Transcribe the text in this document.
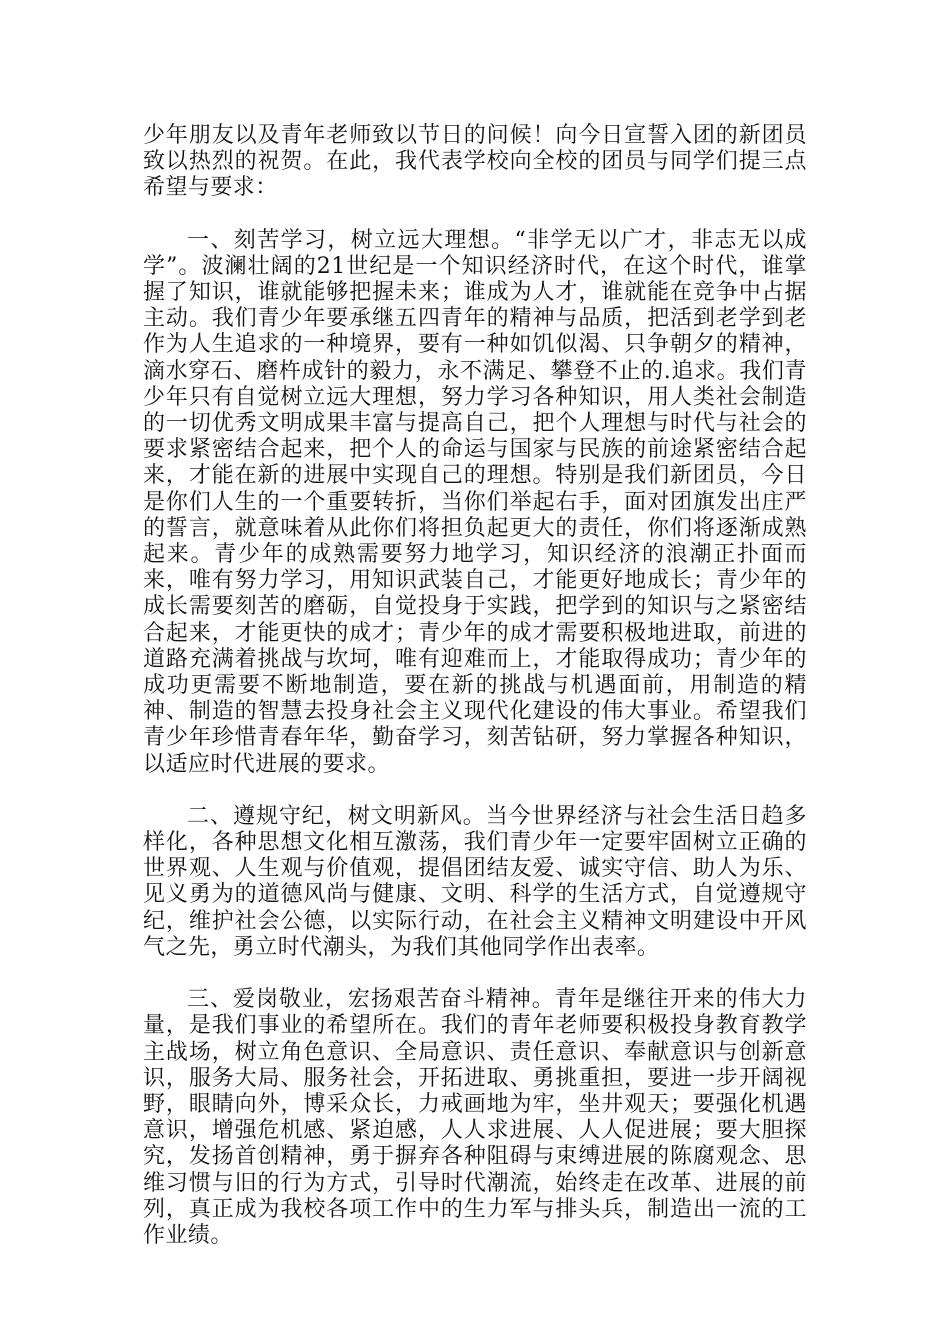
少年朋友以及青年老师致以节日的问候！向今日宣誓入团的新团员致以热烈的祝贺。在此，我代表学校向全校的团员与同学们提三点希望与要求：

一、刻苦学习，树立远大理想。“非学无以广才，非志无以成学”。波澜壮阔的21世纪是一个知识经济时代，在这个时代，谁掌握了知识，谁就能够把握未来；谁成为人才，谁就能在竞争中占据主动。我们青少年要承继五四青年的精神与品质，把活到老学到老作为人生追求的一种境界，要有一种如饥似渴、只争朝夕的精神，滴水穿石、磨杵成针的毅力，永不满足、攀登不止的.追求。我们青少年只有自觉树立远大理想，努力学习各种知识，用人类社会制造的一切优秀文明成果丰富与提高自己，把个人理想与时代与社会的要求紧密结合起来，把个人的命运与国家与民族的前途紧密结合起来，才能在新的进展中实现自己的理想。特别是我们新团员，今日是你们人生的一个重要转折，当你们举起右手，面对团旗发出庄严的誓言，就意味着从此你们将担负起更大的责任，你们将逐渐成熟起来。青少年的成熟需要努力地学习，知识经济的浪潮正扑面而来，唯有努力学习，用知识武装自己，才能更好地成长；青少年的成长需要刻苦的磨砺，自觉投身于实践，把学到的知识与之紧密结合起来，才能更快的成才；青少年的成才需要积极地进取，前进的道路充满着挑战与坎坷，唯有迎难而上，才能取得成功；青少年的成功更需要不断地制造，要在新的挑战与机遇面前，用制造的精神、制造的智慧去投身社会主义现代化建设的伟大事业。希望我们青少年珍惜青春年华，勤奋学习，刻苦钻研，努力掌握各种知识，以适应时代进展的要求。

二、遵规守纪，树文明新风。当今世界经济与社会生活日趋多样化，各种思想文化相互激荡，我们青少年一定要牢固树立正确的世界观、人生观与价值观，提倡团结友爱、诚实守信、助人为乐、见义勇为的道德风尚与健康、文明、科学的生活方式，自觉遵规守纪，维护社会公德，以实际行动，在社会主义精神文明建设中开风气之先，勇立时代潮头，为我们其他同学作出表率。

三、爱岗敬业，宏扬艰苦奋斗精神。青年是继往开来的伟大力量，是我们事业的希望所在。我们的青年老师要积极投身教育教学主战场，树立角色意识、全局意识、责任意识、奉献意识与创新意识，服务大局、服务社会，开拓进取、勇挑重担，要进一步开阔视野，眼睛向外，博采众长，力戒画地为牢，坐井观天；要强化机遇意识，增强危机感、紧迫感，人人求进展、人人促进展；要大胆探究，发扬首创精神，勇于摒弃各种阻碍与束缚进展的陈腐观念、思维习惯与旧的行为方式，引导时代潮流，始终走在改革、进展的前列，真正成为我校各项工作中的生力军与排头兵，制造出一流的工作业绩。
